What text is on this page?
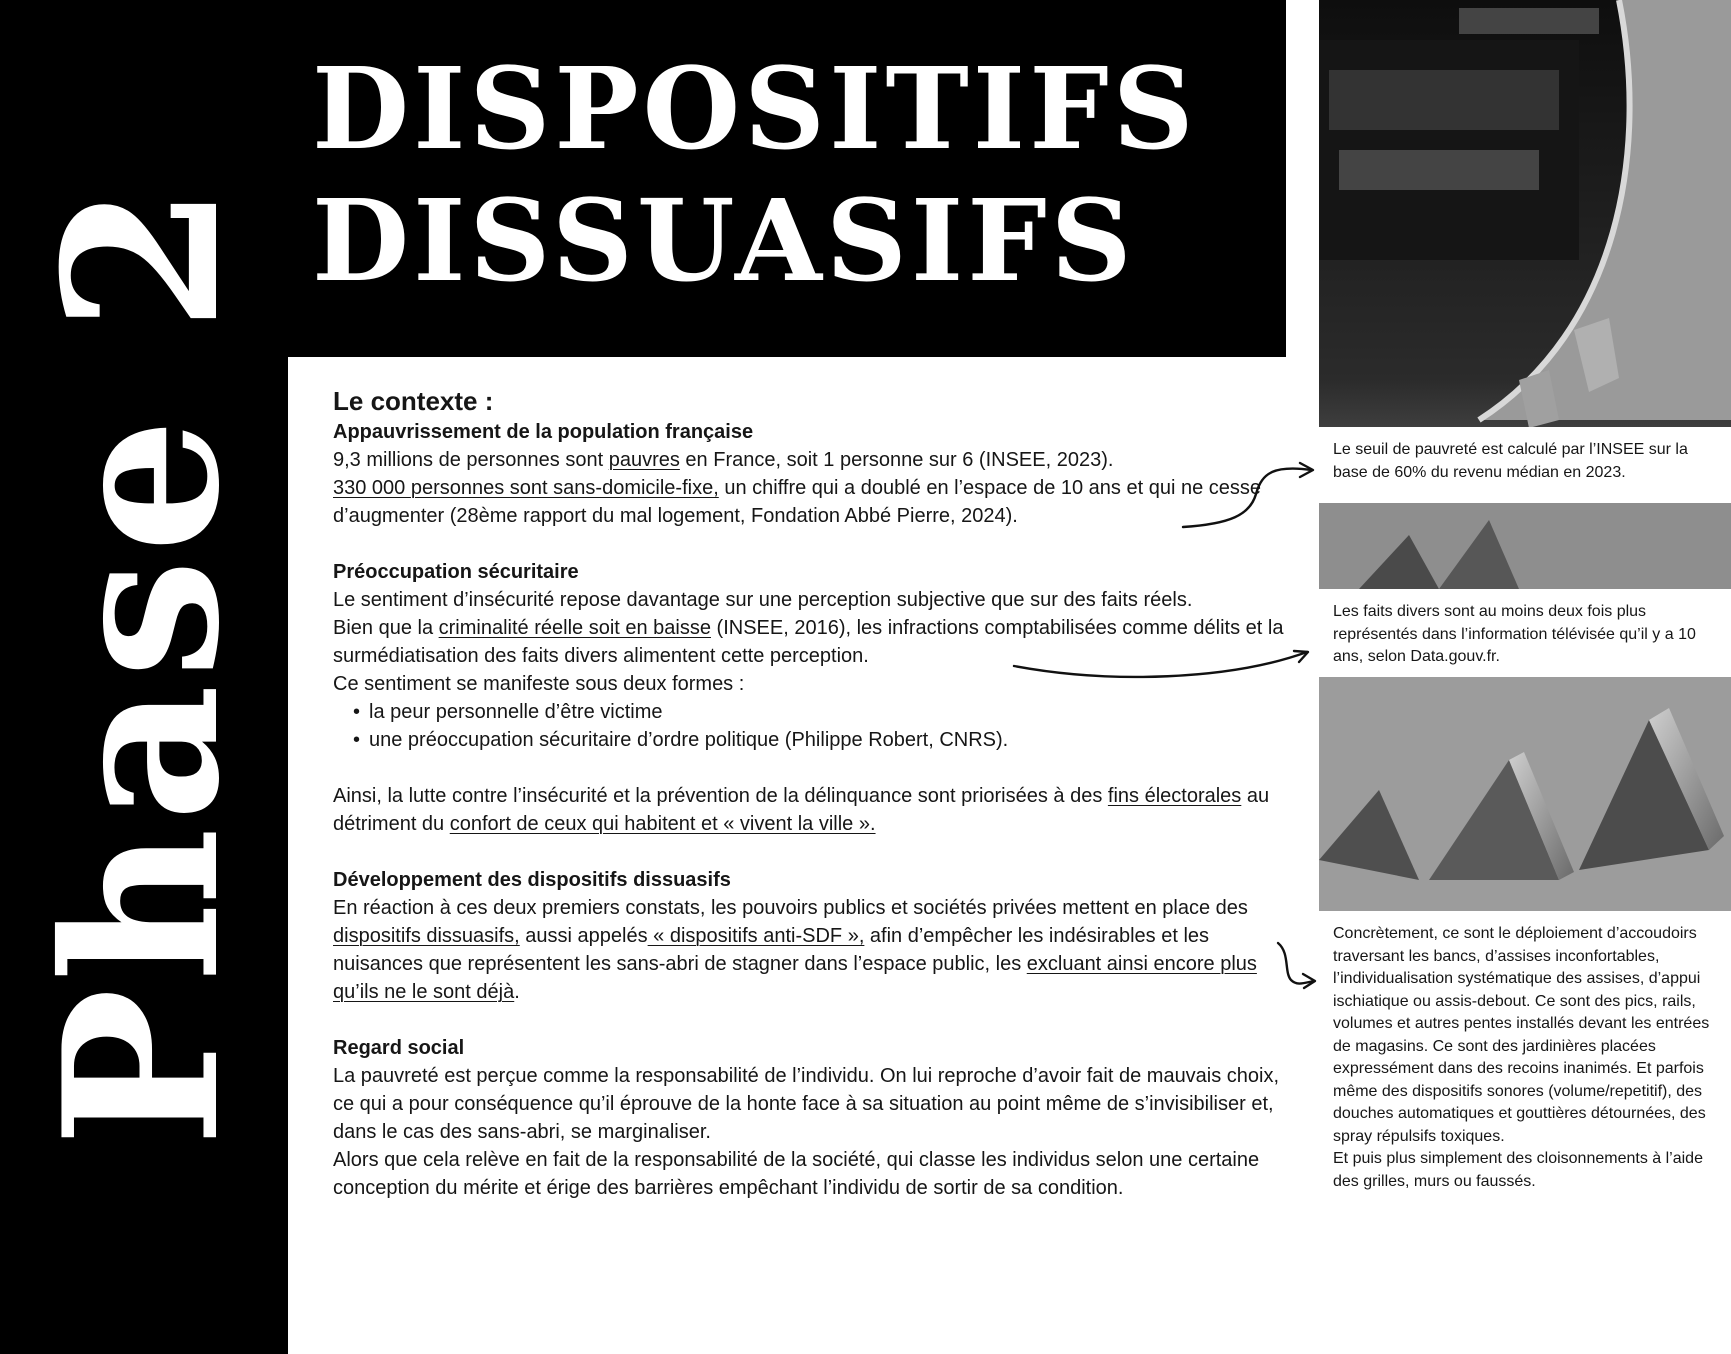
Phase 2
DISPOSITIFS
DISSUASIFS
Le contexte :
Appauvrissement de la population française

9,3 millions de personnes sont pauvres en France, soit 1 personne sur 6 (INSEE, 2023).

330 000 personnes sont sans-domicile-fixe, un chiffre qui a doublé en l’espace de 10 ans et qui ne cesse d’augmenter (28ème rapport du mal logement, Fondation Abbé Pierre, 2024).

Préoccupation sécuritaire

Le sentiment d’insécurité repose davantage sur une perception subjective que sur des faits réels.

Bien que la criminalité réelle soit en baisse (INSEE, 2016), les infractions comptabilisées comme délits et la surmédiatisation des faits divers alimentent cette perception.

Ce sentiment se manifeste sous deux formes :

• la peur personnelle d’être victime
• une préoccupation sécuritaire d’ordre politique (Philippe Robert, CNRS).

Ainsi, la lutte contre l’insécurité et la prévention de la délinquance sont priorisées à des fins électorales au détriment du confort de ceux qui habitent et « vivent la ville ».

Développement des dispositifs dissuasifs

En réaction à ces deux premiers constats, les pouvoirs publics et sociétés privées mettent en place des dispositifs dissuasifs, aussi appelés « dispositifs anti-SDF », afin d’empêcher les indésirables et les nuisances que représentent les sans-abri de stagner dans l’espace public, les excluant ainsi encore plus qu’ils ne le sont déjà.

Regard social

La pauvreté est perçue comme la responsabilité de l’individu. On lui reproche d’avoir fait de mauvais choix, ce qui a pour conséquence qu’il éprouve de la honte face à sa situation au point même de s’invisibiliser et, dans le cas des sans-abri, se marginaliser.

Alors que cela relève en fait de la responsabilité de la société, qui classe les individus selon une certaine conception du mérite et érige des barrières empêchant l’individu de sortir de sa condition.

Le seuil de pauvreté est calculé par l’INSEE sur la base de 60% du revenu médian en 2023.
Les faits divers sont au moins deux fois plus représentés dans l’information télévisée qu’il y a 10 ans, selon Data.gouv.fr.
Concrètement, ce sont le déploiement d’accoudoirs traversant les bancs, d’assises inconfortables, l’individualisation systématique des assises, d’appui ischiatique ou assis-debout. Ce sont des pics, rails, volumes et autres pentes installés devant les entrées de magasins. Ce sont des jardinières placées expressément dans des recoins inanimés. Et parfois même des dispositifs sonores (volume/repetitif), des douches automatiques et gouttières détournées, des spray répulsifs toxiques.
Et puis plus simplement des cloisonnements à l’aide des grilles, murs ou faussés.
